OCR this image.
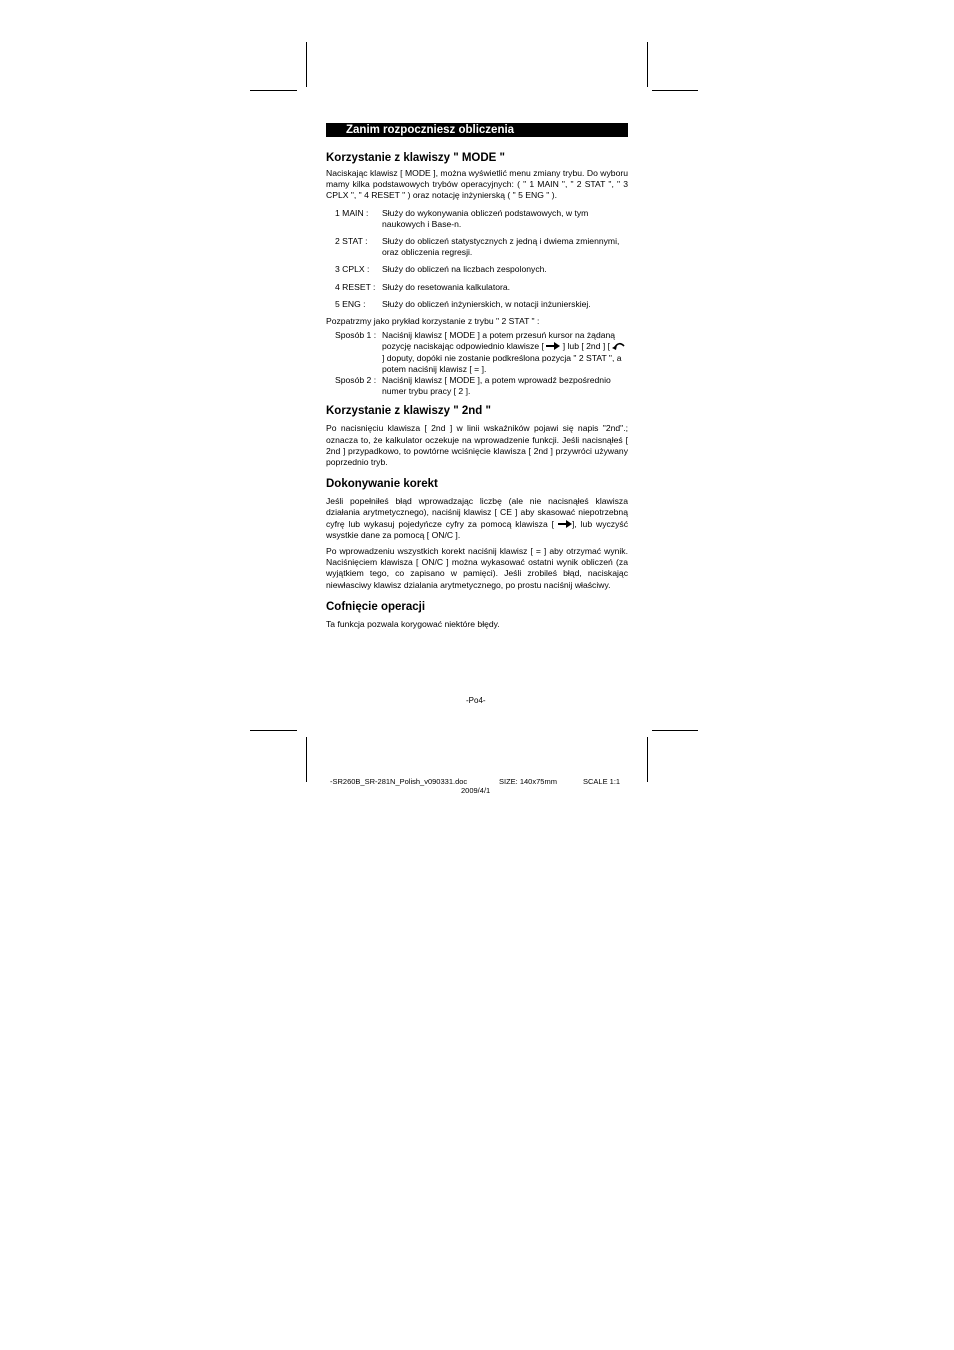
Zanim rozpoczniesz obliczenia
Korzystanie z klawiszy " MODE "

Naciskając klawisz [ MODE ], można wyświetlić menu zmiany trybu. Do wyboru mamy kilka podstawowych trybów operacyjnych: ( " 1 MAIN ", " 2 STAT ", " 3 CPLX ", " 4 RESET " ) oraz notację inżynierską ( " 5 ENG " ).

1 MAIN :	Służy do wykonywania obliczeń podstawowych, w tym naukowych i Base-n.
2 STAT :	Służy do obliczeń statystycznych z jedną i dwiema zmiennymi, oraz obliczenia regresji.
3 CPLX :	Służy do obliczeń na liczbach zespolonych.
4 RESET : Służy do resetowania kalkulatora.
5 ENG :	Służy do obliczeń inżynierskich, w notacji inżunierskiej.

Pozpatrzmy jako prykład korzystanie z trybu " 2 STAT " :

Sposób 1 : Naciśnij klawisz [ MODE ] a potem przesuń kursor na żądaną pozycję naciskając odpowiednio klawisze [ ] lub [ 2nd ] [  ] doputy, dopóki nie zostanie podkreślona pozycja " 2 STAT ", a potem naciśnij klawisz [ = ].
Sposób 2 : Naciśnij klawisz [ MODE ], a potem wprowadź bezpośrednio numer trybu pracy [ 2 ].
Korzystanie z klawiszy " 2nd "

Po nacisnięciu klawisza [ 2nd ] w linii wskaźników pojawi się napis "2nd".; oznacza to, że kalkulator oczekuje na wprowadzenie funkcji. Jeśli nacisnąłeś [ 2nd ] przypadkowo, to powtórne wciśnięcie klawisza [ 2nd ] przywróci używany poprzednio tryb.

Dokonywanie korekt

Jeśli popełniłeś błąd wprowadzając liczbę (ale nie nacisnąłeś klawisza działania arytmetycznego), naciśnij klawisz [ CE ] aby skasować niepotrzebną cyfrę lub wykasuj pojedyńcze cyfry za pomocą klawisza [ ], lub wyczyść wsystkie dane za pomocą [ ON/C ].

Po wprowadzeniu wszystkich korekt naciśnij klawisz [ = ] aby otrzymać wynik. Naciśnięciem klawisza [ ON/C ] można wykasować ostatni wynik obliczeń (za wyjątkiem tego, co zapisano w pamięci). Jeśli zrobileś błąd, naciskając niewłasciwy klawisz dzialania arytmetycznego, po prostu naciśnij właściwy.

Cofnięcie operacji

Ta funkcja pozwala korygować niektóre błędy.

-Po4-
-SR260B_SR-281N_Polish_v090331.doc	SIZE: 140x75mm	SCALE 1:1
2009/4/1
